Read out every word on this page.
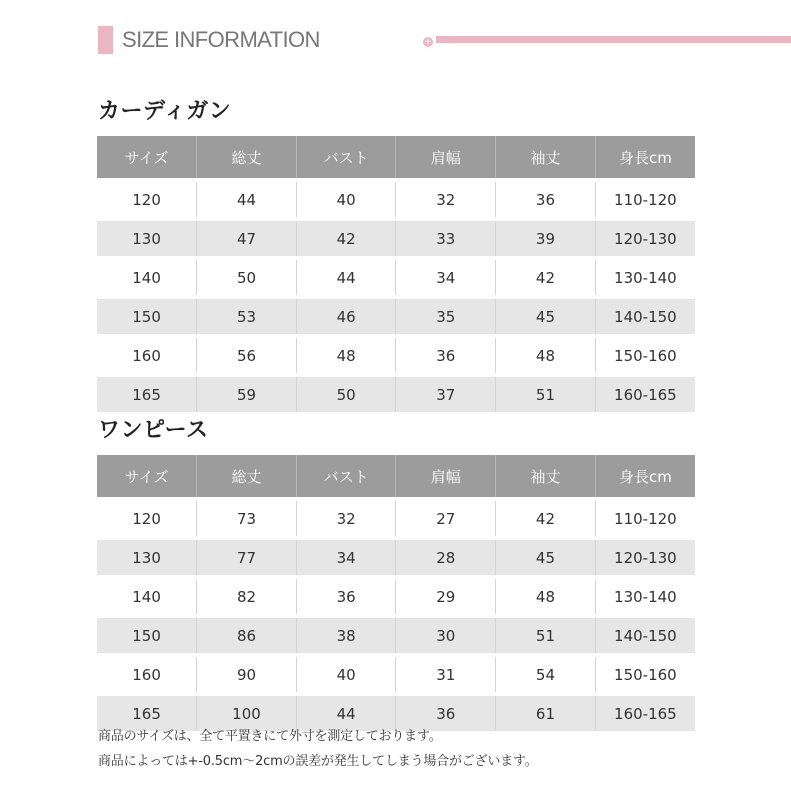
SIZE INFORMATION	+
カーディガン
サイズ	総丈	バスト	肩幅	袖丈	身長cm

120	44	40	32	36	110-120

130	47	42	33	39	120-130

140	50	44	34	42	130-140

150	53	46	35	45	140-150

160	56	48	36	48	150-160

165	59	50	37	51	160-165
ワンピース
サイズ	総丈	バスト	肩幅	袖丈	身長cm

120	73	32	27	42	110-120

130	77	34	28	45	120-130

140	82	36	29	48	130-140

150	86	38	30	51	140-150

160	90	40	31	54	150-160

165	100	44	36	61	160-165
商品のサイズは、全て平置きにて外寸を測定しております。
商品によっては+-0.5cm～2cmの誤差が発生してしまう場合がございます。
